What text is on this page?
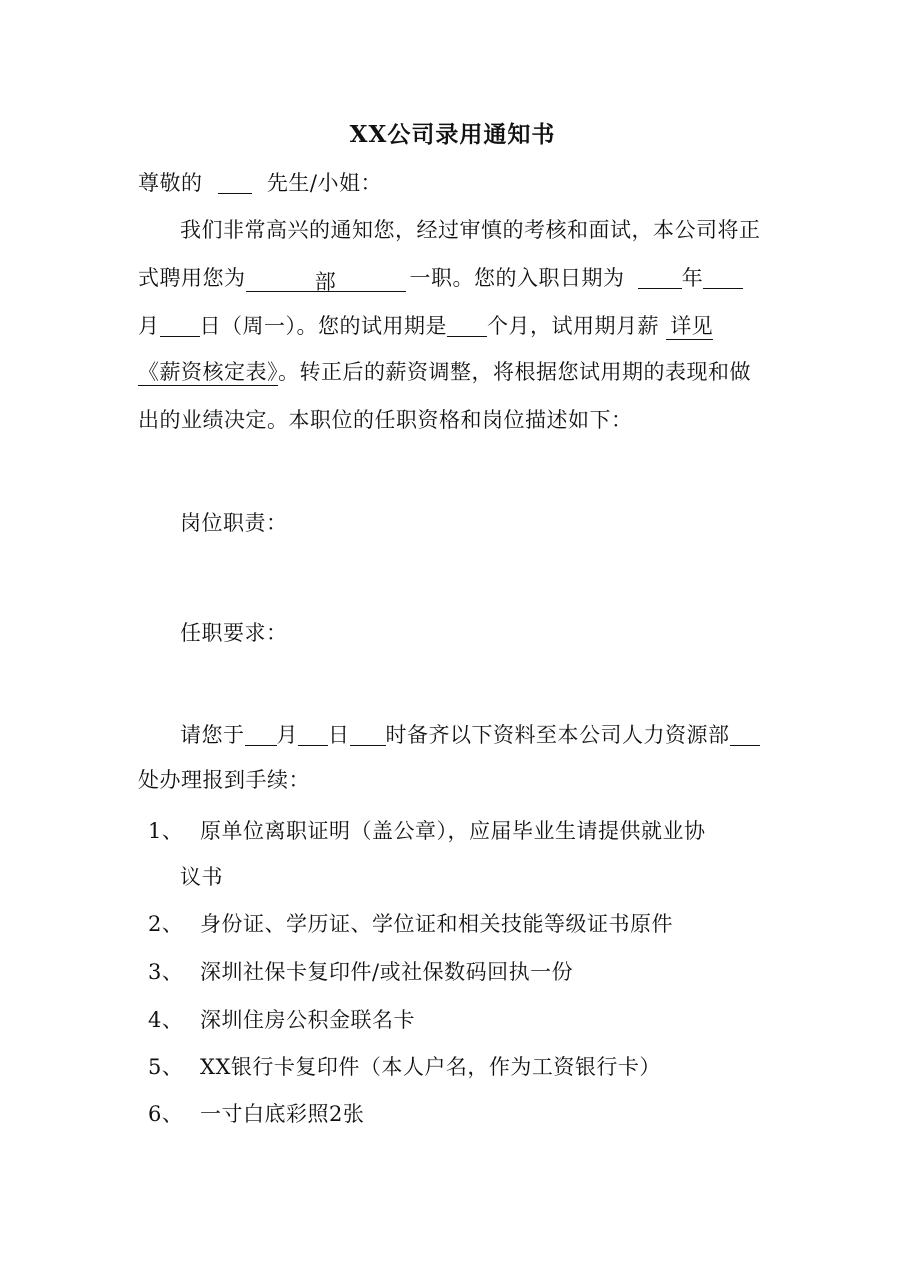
XX公司录用通知书
尊敬的	先生/小姐：
我们非常高兴的通知您，经过审慎的考核和面试，本公司将正
式聘用您为	部	一职。您的入职日期为	年
月 日（周一）。您的试用期是 个月，试用期月薪 详见
《薪资核定表》。转正后的薪资调整，将根据您试用期的表现和做
出的业绩决定。本职位的任职资格和岗位描述如下：
岗位职责：
任职要求：
请您于 月 日 时备齐以下资料至本公司人力资源部
处办理报到手续：
1、 原单位离职证明（盖公章），应届毕业生请提供就业协
议书
2、 身份证、学历证、学位证和相关技能等级证书原件
3、 深圳社保卡复印件/或社保数码回执一份
4、 深圳住房公积金联名卡
5、 XX银行卡复印件（本人户名，作为工资银行卡）
6、 一寸白底彩照2张
